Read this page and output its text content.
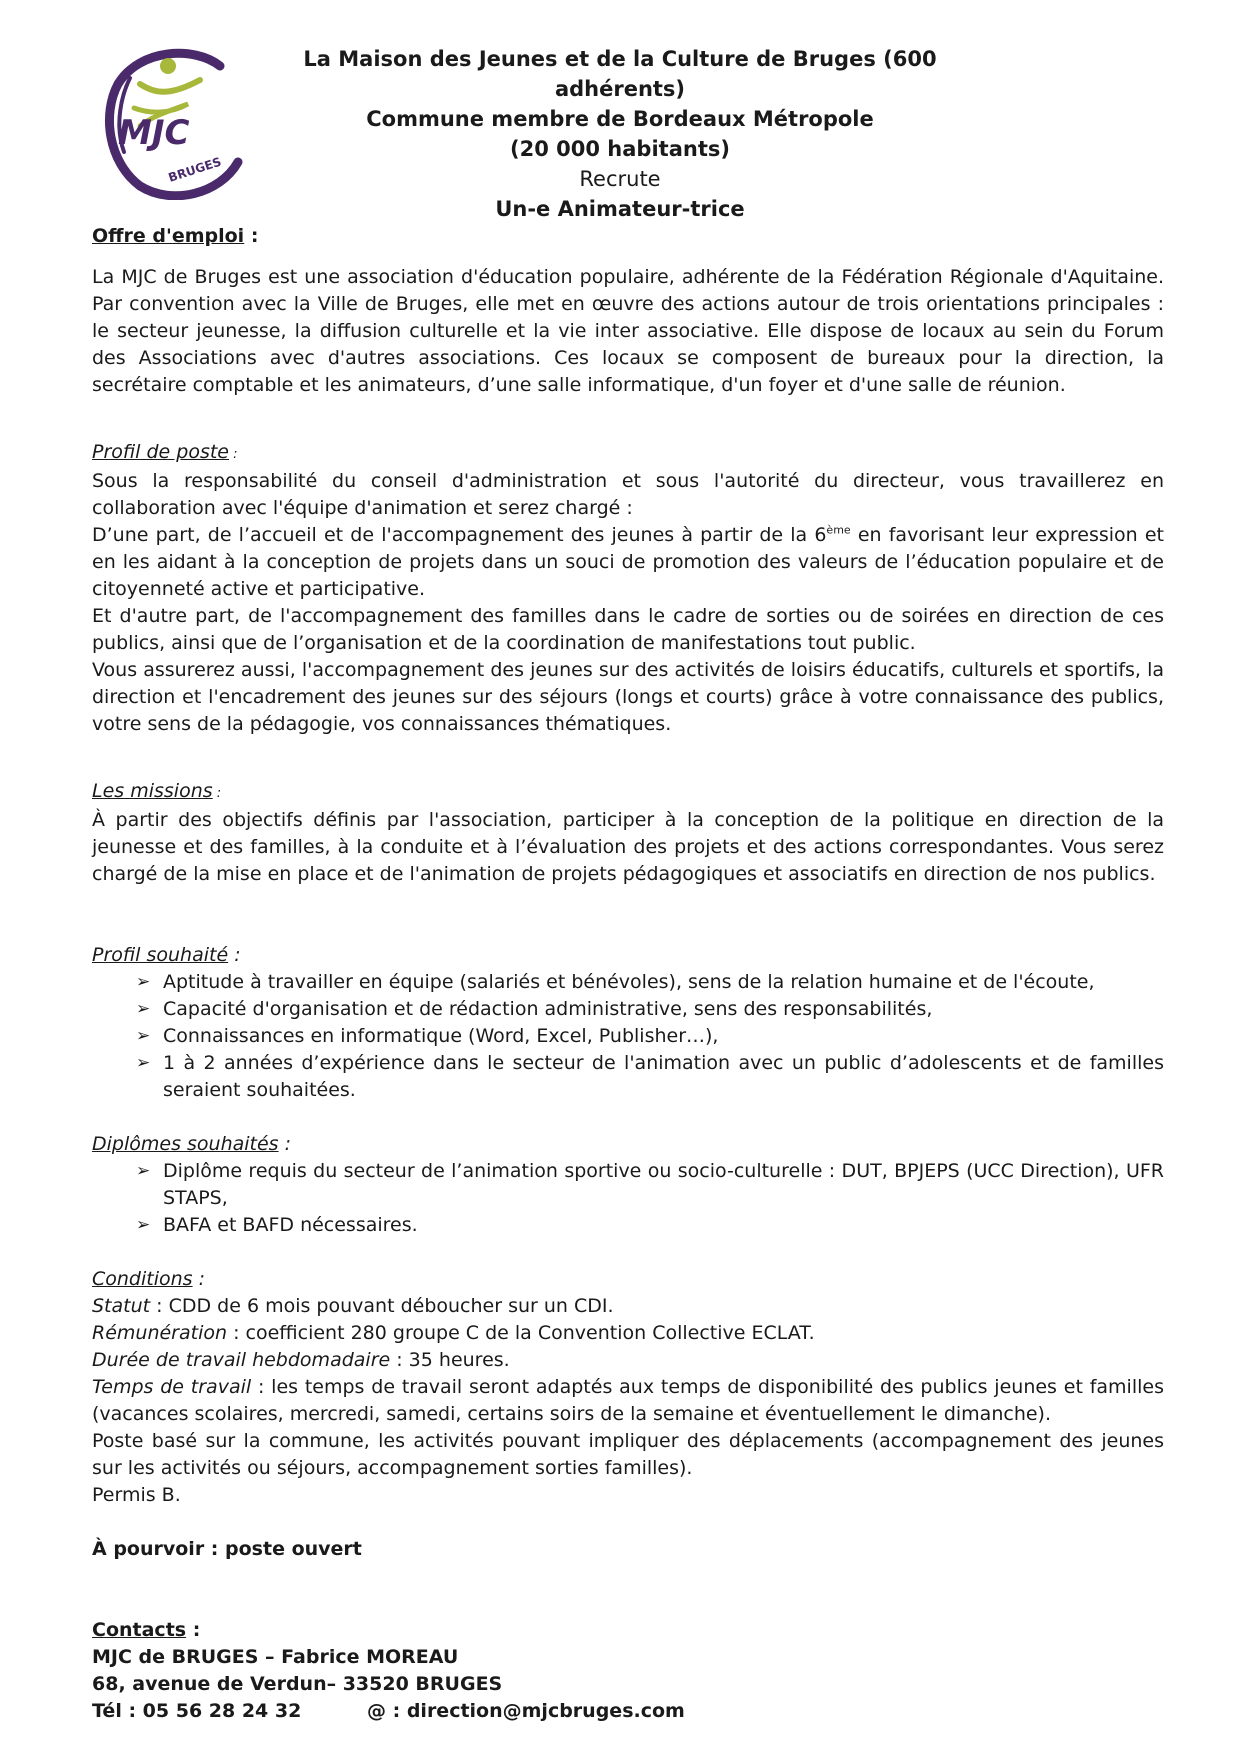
MJC
BRUGES
La Maison des Jeunes et de la Culture de Bruges (600 adhérents)
Commune membre de Bordeaux Métropole
(20 000 habitants)
Recrute
Un-e Animateur-trice

Offre d'emploi :

La MJC de Bruges est une association d'éducation populaire, adhérente de la Fédération Régionale d'Aquitaine. Par convention avec la Ville de Bruges, elle met en œuvre des actions autour de trois orientations principales : le secteur jeunesse, la diffusion culturelle et la vie inter associative. Elle dispose de locaux au sein du Forum des Associations avec d'autres associations. Ces locaux se composent de bureaux pour la direction, la secrétaire comptable et les animateurs, d’une salle informatique, d'un foyer et d'une salle de réunion.

Profil de poste :

Sous la responsabilité du conseil d'administration et sous l'autorité du directeur, vous travaillerez en collaboration avec l'équipe d'animation et serez chargé :

D’une part, de l’accueil et de l'accompagnement des jeunes à partir de la 6ème en favorisant leur expression et en les aidant à la conception de projets dans un souci de promotion des valeurs de l’éducation populaire et de citoyenneté active et participative.

Et d'autre part, de l'accompagnement des familles dans le cadre de sorties ou de soirées en direction de ces publics, ainsi que de l’organisation et de la coordination de manifestations tout public.

Vous assurerez aussi, l'accompagnement des jeunes sur des activités de loisirs éducatifs, culturels et sportifs, la direction et l'encadrement des jeunes sur des séjours (longs et courts) grâce à votre connaissance des publics, votre sens de la pédagogie, vos connaissances thématiques.

Les missions :

À partir des objectifs définis par l'association, participer à la conception de la politique en direction de la jeunesse et des familles, à la conduite et à l’évaluation des projets et des actions correspondantes. Vous serez chargé de la mise en place et de l'animation de projets pédagogiques et associatifs en direction de nos publics.

Profil souhaité :

➢ Aptitude à travailler en équipe (salariés et bénévoles), sens de la relation humaine et de l'écoute,
➢ Capacité d'organisation et de rédaction administrative, sens des responsabilités,
➢ Connaissances en informatique (Word, Excel, Publisher…),
➢ 1 à 2 années d’expérience dans le secteur de l'animation avec un public d’adolescents et de familles seraient souhaitées.

Diplômes souhaités :

➢ Diplôme requis du secteur de l’animation sportive ou socio-culturelle : DUT, BPJEPS (UCC Direction), UFR STAPS,
➢ BAFA et BAFD nécessaires.

Conditions :

Statut : CDD de 6 mois pouvant déboucher sur un CDI.

Rémunération : coefficient 280 groupe C de la Convention Collective ECLAT.

Durée de travail hebdomadaire : 35 heures.

Temps de travail : les temps de travail seront adaptés aux temps de disponibilité des publics jeunes et familles (vacances scolaires, mercredi, samedi, certains soirs de la semaine et éventuellement le dimanche).

Poste basé sur la commune, les activités pouvant impliquer des déplacements (accompagnement des jeunes sur les activités ou séjours, accompagnement sorties familles).

Permis B.

À pourvoir : poste ouvert

Contacts :
MJC de BRUGES – Fabrice MOREAU
68, avenue de Verdun– 33520 BRUGES
Tél : 05 56 28 24 32	@ : direction@mjcbruges.com
